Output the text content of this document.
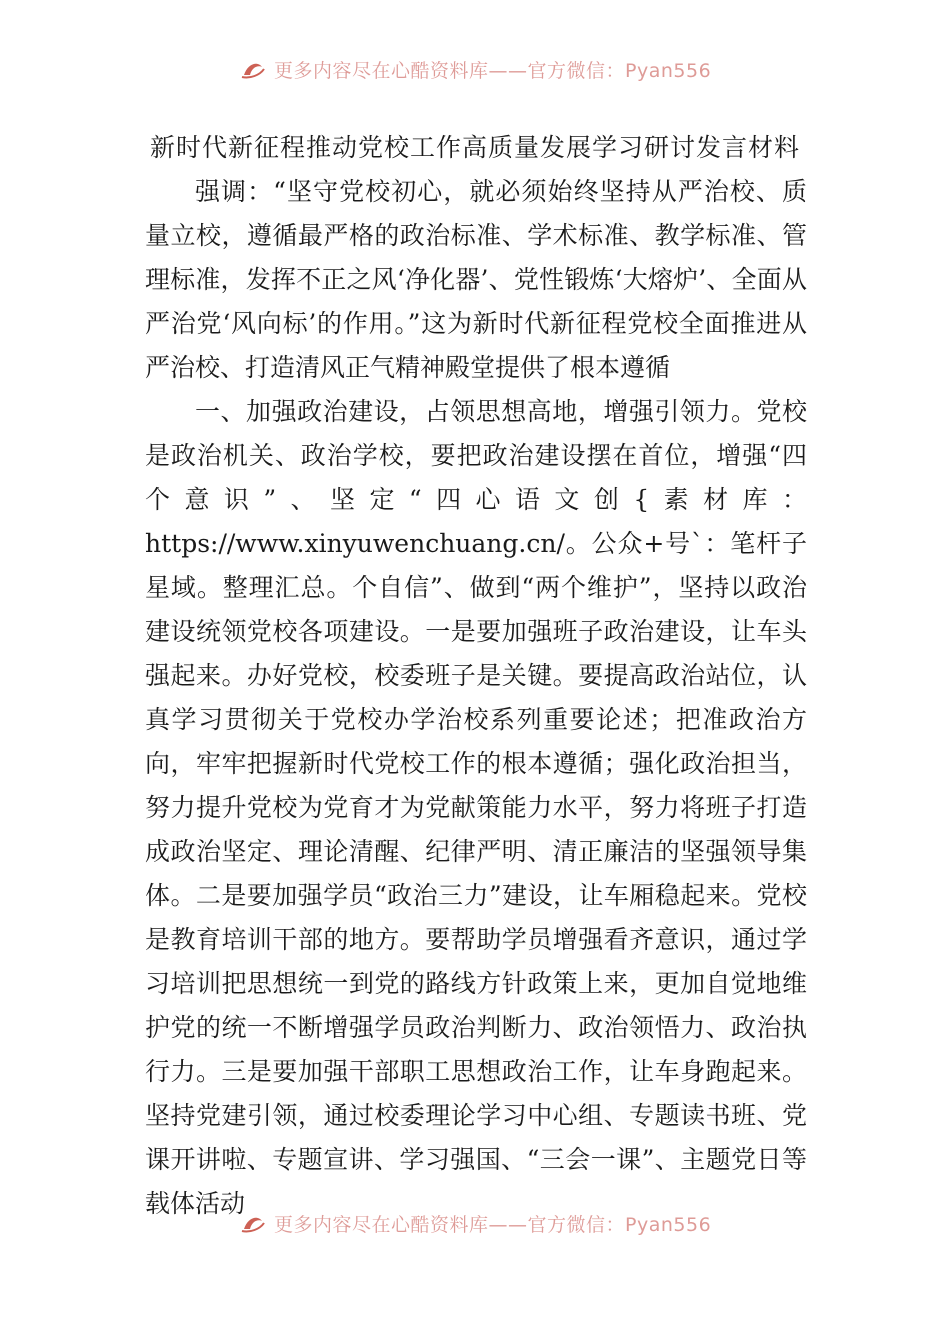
更多内容尽在心酷资料库——官方微信：Pyan556
新时代新征程推动党校工作高质量发展学习研讨发言材料

强调：“坚守党校初心，就必须始终坚持从严治校、质量立校，遵循最严格的政治标准、学术标准、教学标准、管理标准，发挥不正之风‘净化器’、党性锻炼‘大熔炉’、全面从严治党‘风向标’的作用。”这为新时代新征程党校全面推进从严治校、打造清风正气精神殿堂提供了根本遵循

一、加强政治建设，占领思想高地，增强引领力。党校是政治机关、政治学校，要把政治建设摆在首位，增强“四个意识”、坚定“四心语文创{素材库：https://www.xinyuwenchuang.cn/。公众+号`：笔杆子星域。整理汇总。个自信”、做到“两个维护”，坚持以政治建设统领党校各项建设。一是要加强班子政治建设，让车头强起来。办好党校，校委班子是关键。要提高政治站位，认真学习贯彻关于党校办学治校系列重要论述；把准政治方向，牢牢把握新时代党校工作的根本遵循；强化政治担当，努力提升党校为党育才为党献策能力水平，努力将班子打造成政治坚定、理论清醒、纪律严明、清正廉洁的坚强领导集体。二是要加强学员“政治三力”建设，让车厢稳起来。党校是教育培训干部的地方。要帮助学员增强看齐意识，通过学习培训把思想统一到党的路线方针政策上来，更加自觉地维护党的统一不断增强学员政治判断力、政治领悟力、政治执行力。三是要加强干部职工思想政治工作，让车身跑起来。坚持党建引领，通过校委理论学习中心组、专题读书班、党课开讲啦、专题宣讲、学习强国、“三会一课”、主题党日等载体活动

更多内容尽在心酷资料库——官方微信：Pyan556
